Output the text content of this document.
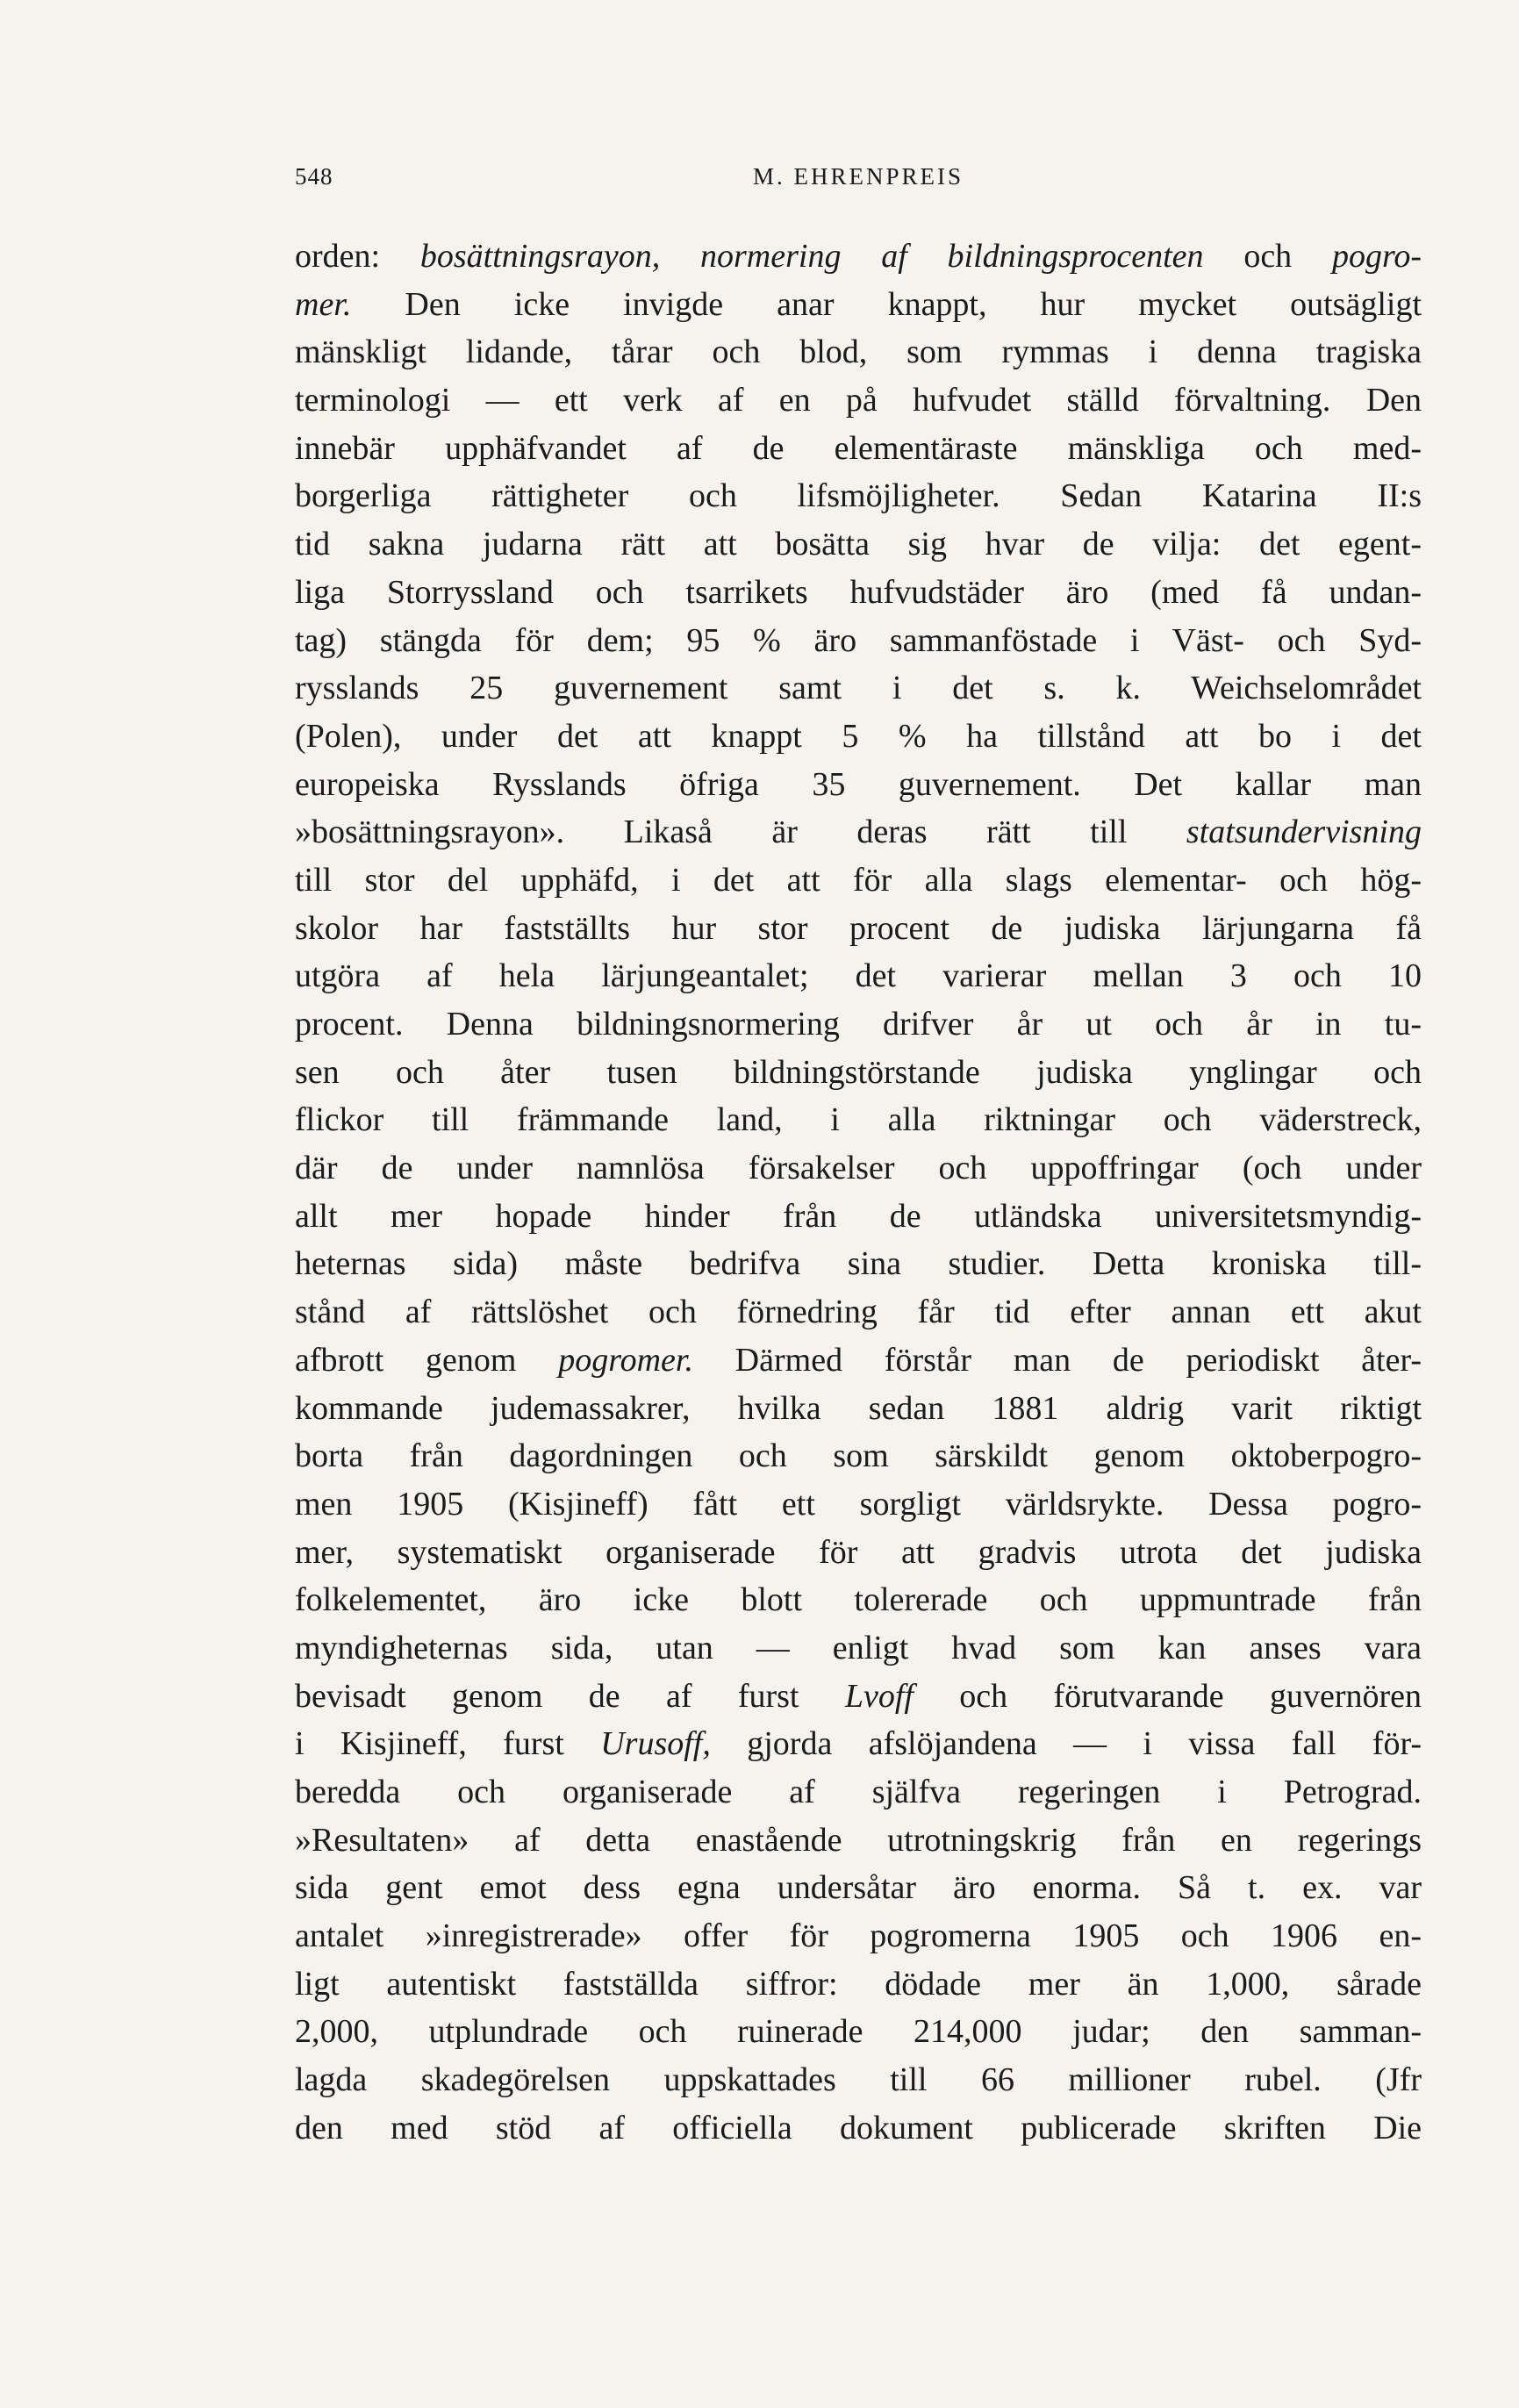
548	M. EHRENPREIS
orden: bosättningsrayon, normering af bildningsprocenten och pogro-
mer. Den icke invigde anar knappt, hur mycket outsägligt
mänskligt lidande, tårar och blod, som rymmas i denna tragiska
terminologi — ett verk af en på hufvudet ställd förvaltning. Den
innebär upphäfvandet af de elementäraste mänskliga och med-
borgerliga rättigheter och lifsmöjligheter. Sedan Katarina II:s
tid sakna judarna rätt att bosätta sig hvar de vilja: det egent-
liga Storryssland och tsarrikets hufvudstäder äro (med få undan-
tag) stängda för dem; 95 % äro sammanföstade i Väst- och Syd-
rysslands 25 guvernement samt i det s. k. Weichselområdet
(Polen), under det att knappt 5 % ha tillstånd att bo i det
europeiska Rysslands öfriga 35 guvernement. Det kallar man
»bosättningsrayon». Likaså är deras rätt till statsundervisning
till stor del upphäfd, i det att för alla slags elementar- och hög-
skolor har fastställts hur stor procent de judiska lärjungarna få
utgöra af hela lärjungeantalet; det varierar mellan 3 och 10
procent. Denna bildningsnormering drifver år ut och år in tu-
sen och åter tusen bildningstörstande judiska ynglingar och
flickor till främmande land, i alla riktningar och väderstreck,
där de under namnlösa försakelser och uppoffringar (och under
allt mer hopade hinder från de utländska universitetsmyndig-
heternas sida) måste bedrifva sina studier. Detta kroniska till-
stånd af rättslöshet och förnedring får tid efter annan ett akut
afbrott genom pogromer. Därmed förstår man de periodiskt åter-
kommande judemassakrer, hvilka sedan 1881 aldrig varit riktigt
borta från dagordningen och som särskildt genom oktoberpogro-
men 1905 (Kisjineff) fått ett sorgligt världsrykte. Dessa pogro-
mer, systematiskt organiserade för att gradvis utrota det judiska
folkelementet, äro icke blott tolererade och uppmuntrade från
myndigheternas sida, utan — enligt hvad som kan anses vara
bevisadt genom de af furst Lvoff och förutvarande guvernören
i Kisjineff, furst Urusoff, gjorda afslöjandena — i vissa fall för-
beredda och organiserade af själfva regeringen i Petrograd.
»Resultaten» af detta enastående utrotningskrig från en regerings
sida gent emot dess egna undersåtar äro enorma. Så t. ex. var
antalet »inregistrerade» offer för pogromerna 1905 och 1906 en-
ligt autentiskt fastställda siffror: dödade mer än 1,000, sårade
2,000, utplundrade och ruinerade 214,000 judar; den samman-
lagda skadegörelsen uppskattades till 66 millioner rubel. (Jfr
den med stöd af officiella dokument publicerade skriften Die
